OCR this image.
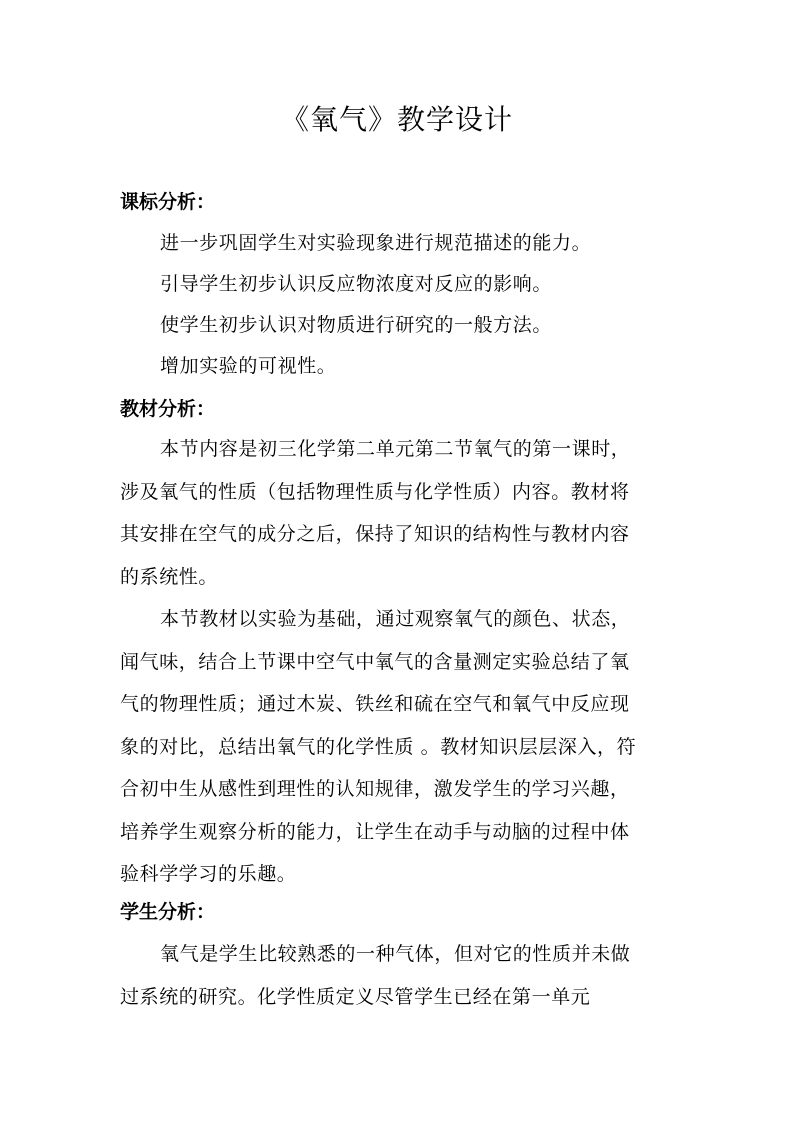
《氧气》教学设计
课标分析：
进一步巩固学生对实验现象进行规范描述的能力。
引导学生初步认识反应物浓度对反应的影响。
使学生初步认识对物质进行研究的一般方法。
增加实验的可视性。
教材分析：
本节内容是初三化学第二单元第二节氧气的第一课时，
涉及氧气的性质（包括物理性质与化学性质）内容。教材将
其安排在空气的成分之后，保持了知识的结构性与教材内容
的系统性。
本节教材以实验为基础，通过观察氧气的颜色、状态，
闻气味，结合上节课中空气中氧气的含量测定实验总结了氧
气的物理性质；通过木炭、铁丝和硫在空气和氧气中反应现
象的对比，总结出氧气的化学性质 。教材知识层层深入，符
合初中生从感性到理性的认知规律，激发学生的学习兴趣，
培养学生观察分析的能力，让学生在动手与动脑的过程中体
验科学学习的乐趣。
学生分析：
氧气是学生比较熟悉的一种气体，但对它的性质并未做
过系统的研究。化学性质定义尽管学生已经在第一单元
